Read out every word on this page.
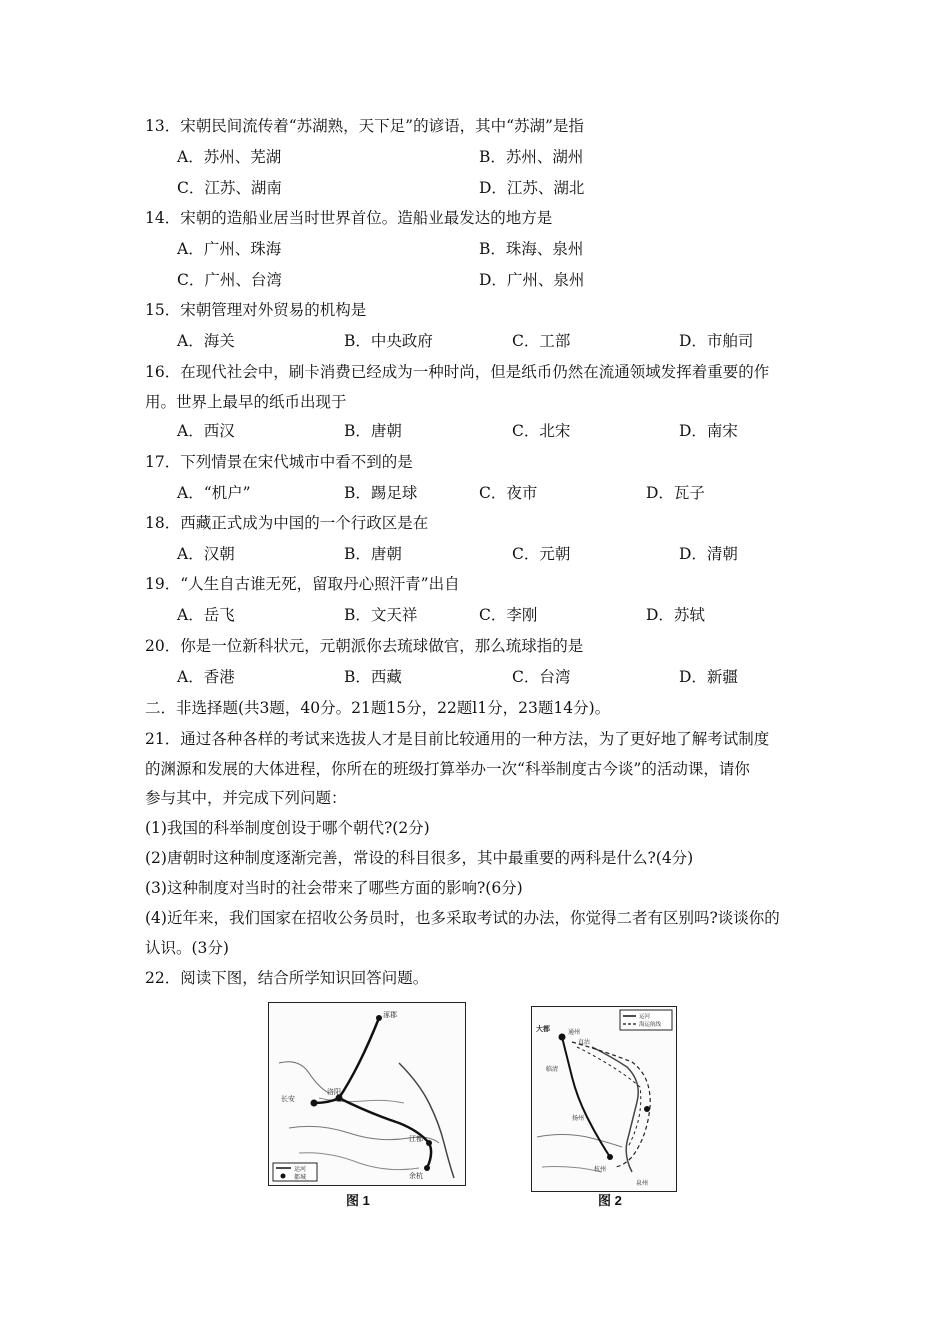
13．宋朝民间流传着“苏湖熟，天下足”的谚语，其中“苏湖”是指
A．苏州、芜湖	B．苏州、湖州
C．江苏、湖南	D．江苏、湖北
14．宋朝的造船业居当时世界首位。造船业最发达的地方是
A．广州、珠海	B．珠海、泉州
C．广州、台湾	D．广州、泉州
15．宋朝管理对外贸易的机构是
A．海关	B．中央政府	C．工部	D．市舶司
16．在现代社会中，刷卡消费已经成为一种时尚，但是纸币仍然在流通领域发挥着重要的作
用。世界上最早的纸币出现于
A．西汉	B．唐朝	C．北宋	D．南宋
17．下列情景在宋代城市中看不到的是
A．“机户”	B．踢足球	C．夜市	D．瓦子
18．西藏正式成为中国的一个行政区是在
A．汉朝	B．唐朝	C．元朝	D．清朝
19．“人生自古谁无死，留取丹心照汗青”出自
A．岳飞	B．文天祥	C．李刚	D．苏轼
20．你是一位新科状元，元朝派你去琉球做官，那么琉球指的是
A．香港	B．西藏	C．台湾	D．新疆
二．非选择题(共3题，40分。21题15分，22题l1分，23题14分)。
21．通过各种各样的考试来选拔人才是目前比较通用的一种方法，为了更好地了解考试制度
的渊源和发展的大体进程，你所在的班级打算举办一次“科举制度古今谈”的活动课，请你
参与其中，并完成下列问题：
(1)我国的科举制度创设于哪个朝代?(2分)
(2)唐朝时这种制度逐渐完善，常设的科目很多，其中最重要的两科是什么?(4分)
(3)这种制度对当时的社会带来了哪些方面的影响?(6分)
(4)近年来，我们国家在招收公务员时，也多采取考试的办法，你觉得二者有区别吗?谈谈你的
认识。(3分)
22．阅读下图，结合所学知识回答问题。
涿郡
洛阳
长安
江都
余杭
运河
都城
图 1
大都	通州
直沽
临清
扬州
杭州
泉州
运河
海运航线
图 2
